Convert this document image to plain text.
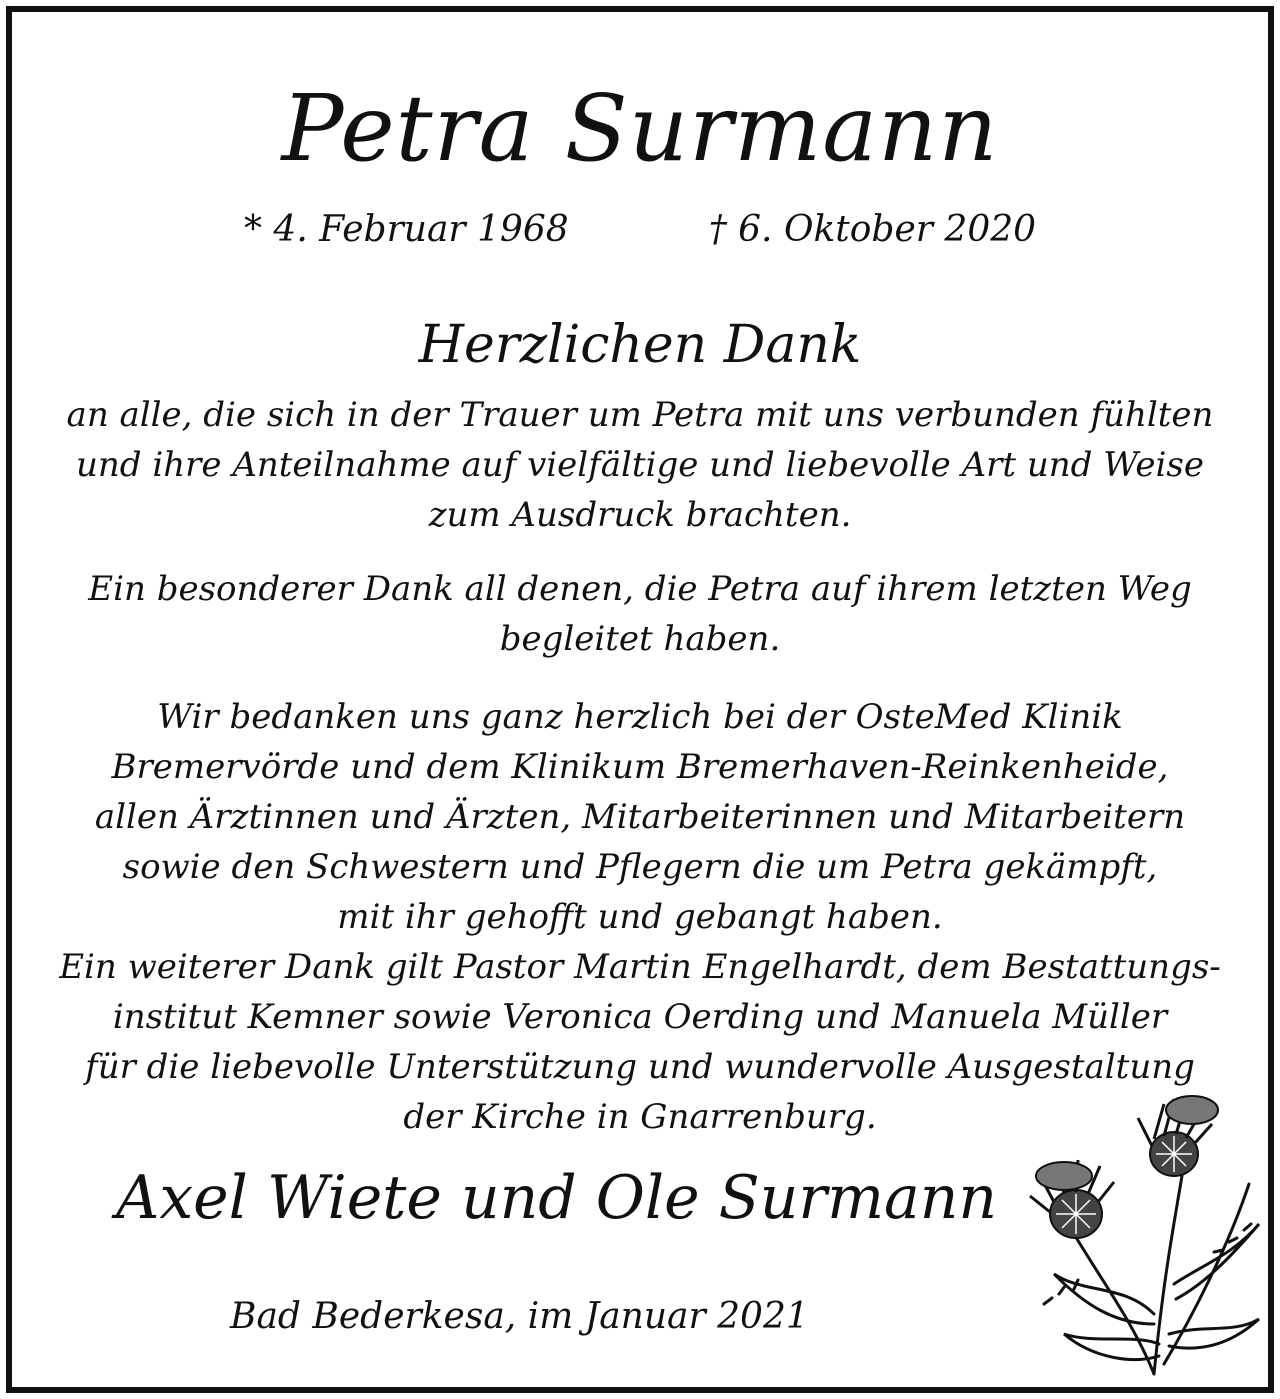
Petra Surmann
* 4. Februar 1968	† 6. Oktober 2020
Herzlichen Dank
an alle, die sich in der Trauer um Petra mit uns verbunden fühlten
und ihre Anteilnahme auf vielfältige und liebevolle Art und Weise
zum Ausdruck brachten.
Ein besonderer Dank all denen, die Petra auf ihrem letzten Weg
begleitet haben.
Wir bedanken uns ganz herzlich bei der OsteMed Klinik
Bremervörde und dem Klinikum Bremerhaven-Reinkenheide,
allen Ärztinnen und Ärzten, Mitarbeiterinnen und Mitarbeitern
sowie den Schwestern und Pflegern die um Petra gekämpft,
mit ihr gehofft und gebangt haben.
Ein weiterer Dank gilt Pastor Martin Engelhardt, dem Bestattungs-
institut Kemner sowie Veronica Oerding und Manuela Müller
für die liebevolle Unterstützung und wundervolle Ausgestaltung
der Kirche in Gnarrenburg.
Axel Wiete und Ole Surmann
Bad Bederkesa, im Januar 2021
